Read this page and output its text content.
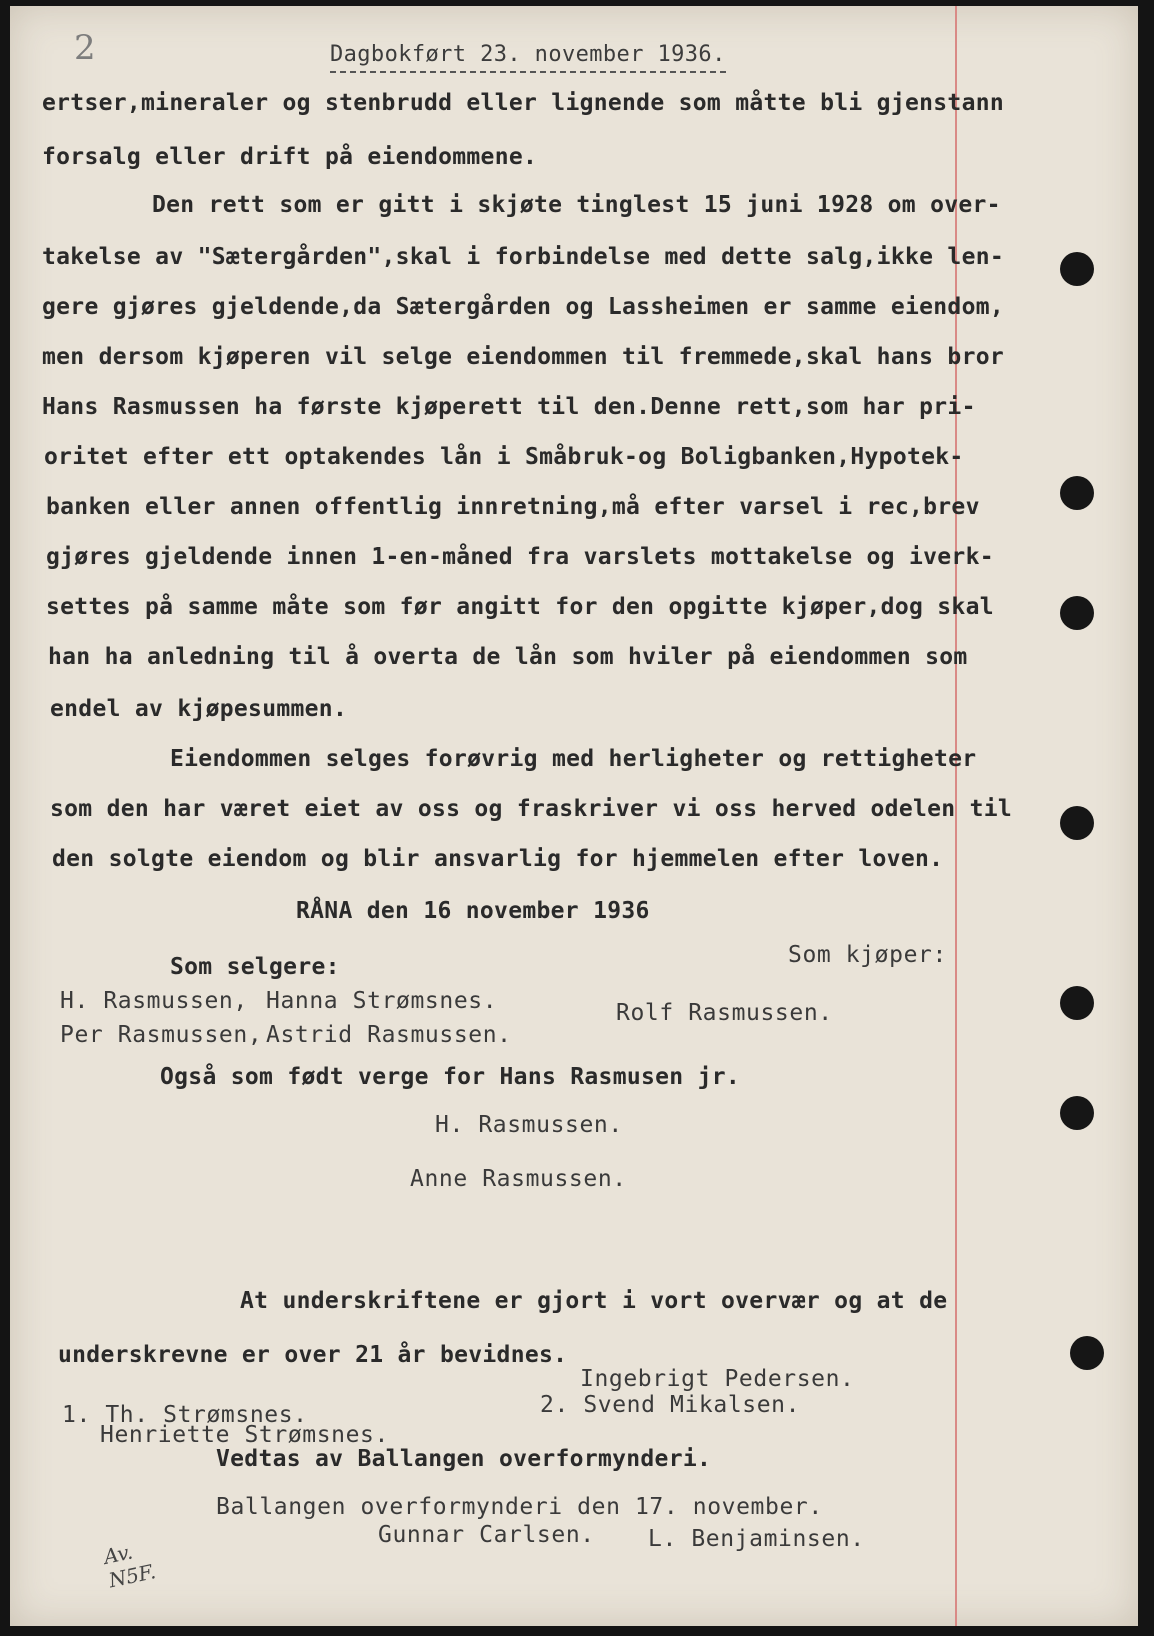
2	Dagbokført 23. november 1936.

ertser,mineraler og stenbrudd eller lignende som måtte bli gjenstann

forsalg eller drift på eiendommene.

Den rett som er gitt i skjøte tinglest 15 juni 1928 om over-

takelse av "Sætergården",skal i forbindelse med dette salg,ikke len-

gere gjøres gjeldende,da Sætergården og Lassheimen er samme eiendom,

men dersom kjøperen vil selge eiendommen til fremmede,skal hans bror

Hans Rasmussen ha første kjøperett til den.Denne rett,som har pri-

oritet efter ett optakendes lån i Småbruk-og Boligbanken,Hypotek-

banken eller annen offentlig innretning,må efter varsel i rec,brev

gjøres gjeldende innen 1-en-måned fra varslets mottakelse og iverk-

settes på samme måte som før angitt for den opgitte kjøper,dog skal

han ha anledning til å overta de lån som hviler på eiendommen som

endel av kjøpesummen.

Eiendommen selges forøvrig med herligheter og rettigheter

som den har været eiet av oss og fraskriver vi oss herved odelen til

den solgte eiendom og blir ansvarlig for hjemmelen efter loven.

RÅNA den 16 november 1936

Som kjøper:

Som selgere:

H. Rasmussen, Hanna Strømsnes.	Rolf Rasmussen.

Per Rasmussen, Astrid Rasmussen.

Også som født verge for Hans Rasmusen jr.

H. Rasmussen.

Anne Rasmussen.

At underskriftene er gjort i vort overvær og at de

underskrevne er over 21 år bevidnes.

Ingebrigt Pedersen.

1. Th. Strømsnes.	2. Svend Mikalsen.

Henriette Strømsnes.

Vedtas av Ballangen overformynderi.

Ballangen overformynderi den 17. november.

Gunnar Carlsen. L. Benjaminsen.

Av.
N5F.
